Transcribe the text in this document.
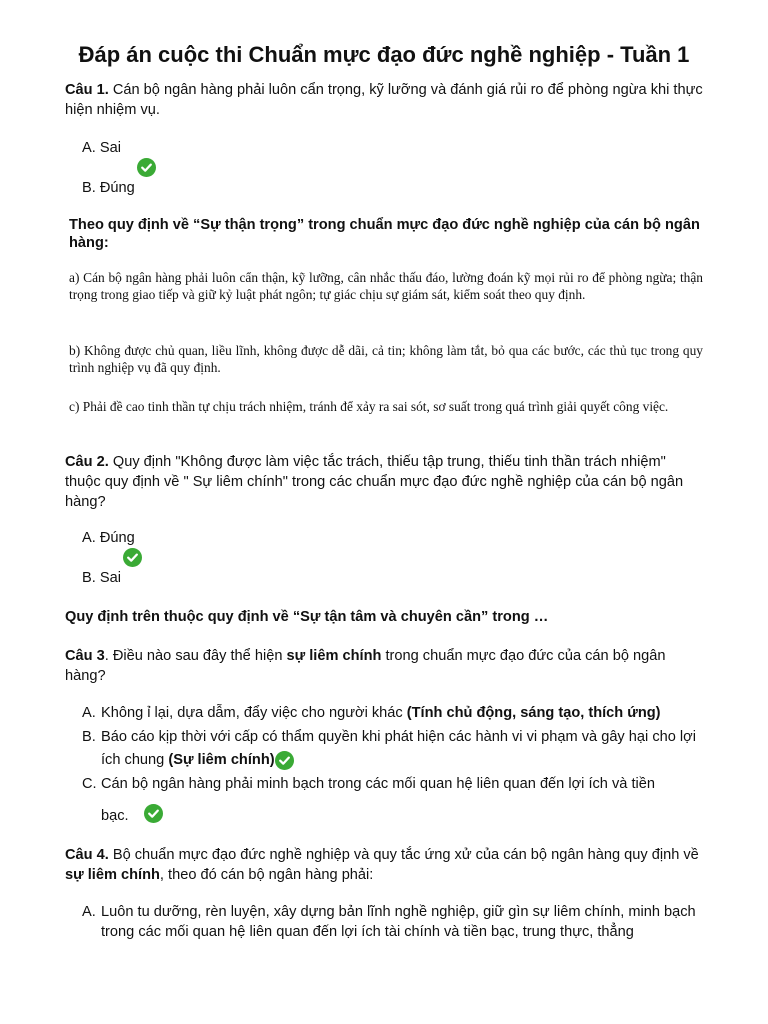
Đáp án cuộc thi Chuẩn mực đạo đức nghề nghiệp - Tuần 1

Câu 1. Cán bộ ngân hàng phải luôn cẩn trọng, kỹ lưỡng và đánh giá rủi ro để phòng ngừa khi thực hiện nhiệm vụ.

A. Sai
B. Đúng

Theo quy định về “Sự thận trọng” trong chuẩn mực đạo đức nghề nghiệp của cán bộ ngân hàng:

a) Cán bộ ngân hàng phải luôn cẩn thận, kỹ lưỡng, cân nhắc thấu đáo, lường đoán kỹ mọi rủi ro để phòng ngừa; thận trọng trong giao tiếp và giữ kỷ luật phát ngôn; tự giác chịu sự giám sát, kiểm soát theo quy định.

b) Không được chủ quan, liều lĩnh, không được dễ dãi, cả tin; không làm tắt, bỏ qua các bước, các thủ tục trong quy trình nghiệp vụ đã quy định.

c) Phải đề cao tinh thần tự chịu trách nhiệm, tránh để xảy ra sai sót, sơ suất trong quá trình giải quyết công việc.

Câu 2. Quy định "Không được làm việc tắc trách, thiếu tập trung, thiếu tinh thần trách nhiệm" thuộc quy định về " Sự liêm chính" trong các chuẩn mực đạo đức nghề nghiệp của cán bộ ngân hàng?

A. Đúng
B. Sai

Quy định trên thuộc quy định về “Sự tận tâm và chuyên cần” trong …

Câu 3. Điều nào sau đây thể hiện sự liêm chính trong chuẩn mực đạo đức của cán bộ ngân hàng?

A. Không ỉ lại, dựa dẫm, đẩy việc cho người khác (Tính chủ động, sáng tạo, thích ứng)
B. Báo cáo kịp thời với cấp có thẩm quyền khi phát hiện các hành vi vi phạm và gây hại cho lợi ích chung (Sự liêm chính)
C. Cán bộ ngân hàng phải minh bạch trong các mối quan hệ liên quan đến lợi ích và tiền
bạc.

Câu 4. Bộ chuẩn mực đạo đức nghề nghiệp và quy tắc ứng xử của cán bộ ngân hàng quy định về sự liêm chính, theo đó cán bộ ngân hàng phải:

A. Luôn tu dưỡng, rèn luyện, xây dựng bản lĩnh nghề nghiệp, giữ gìn sự liêm chính, minh bạch trong các mối quan hệ liên quan đến lợi ích tài chính và tiền bạc, trung thực, thẳng
